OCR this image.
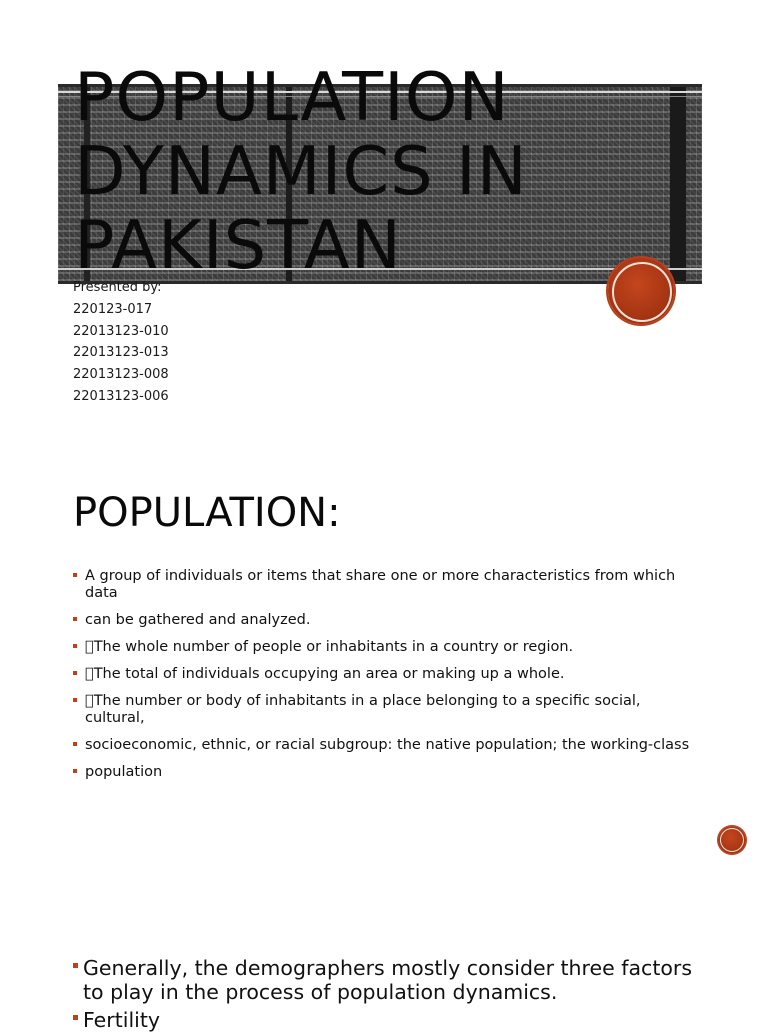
POPULATION DYNAMICS IN PAKISTAN
Presented by:
220123-017
22013123-010
22013123-013
22013123-008
22013123-006
POPULATION:
A group of individuals or items that share one or more characteristics from which data
can be gathered and analyzed.
The whole number of people or inhabitants in a country or region.
The total of individuals occupying an area or making up a whole.
The number or body of inhabitants in a place belonging to a specific social, cultural,
socioeconomic, ethnic, or racial subgroup: the native population; the working-class
population
Generally, the demographers mostly consider three factors to play in the process of population dynamics.
Fertility
